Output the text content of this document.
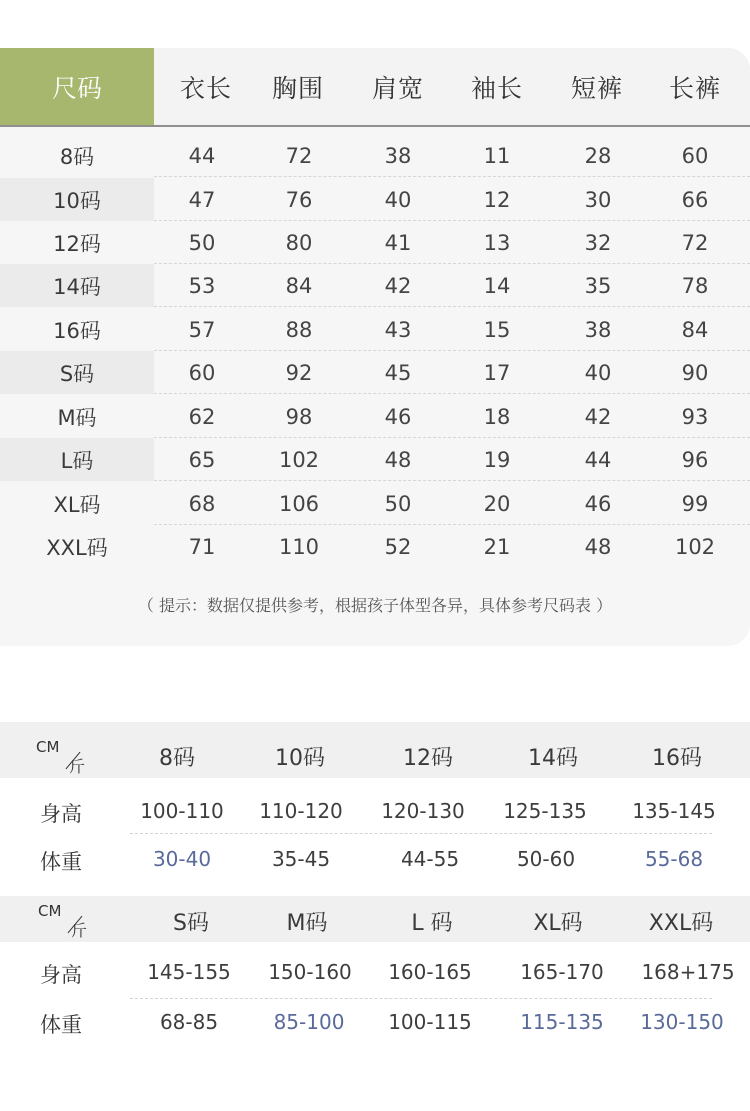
尺码	衣长	胸围	肩宽	袖长	短裤	长裤
8码	44	72	38	11	28	60
10码	47	76	40	12	30	66
12码	50	80	41	13	32	72
14码	53	84	42	14	35	78
16码	57	88	43	15	38	84
S码	60	92	45	17	40	90
M码	62	98	46	18	42	93
L码	65	102	48	19	44	96
XL码	68	106	50	20	46	99
XXL码	71	110	52	21	48	102
（ 提示：数据仅提供参考，根据孩子体型各异，具体参考尺码表 ）
CM
斤	8码	10码	12码	14码	16码
身高	100-110	110-120	120-130	125-135	135-145
体重	30-40	35-45	44-55	50-60	55-68
CM
斤	S码	M码	L 码	XL码	XXL码
身高	145-155	150-160	160-165	165-170	168+175
体重	68-85	85-100	100-115	115-135	130-150
